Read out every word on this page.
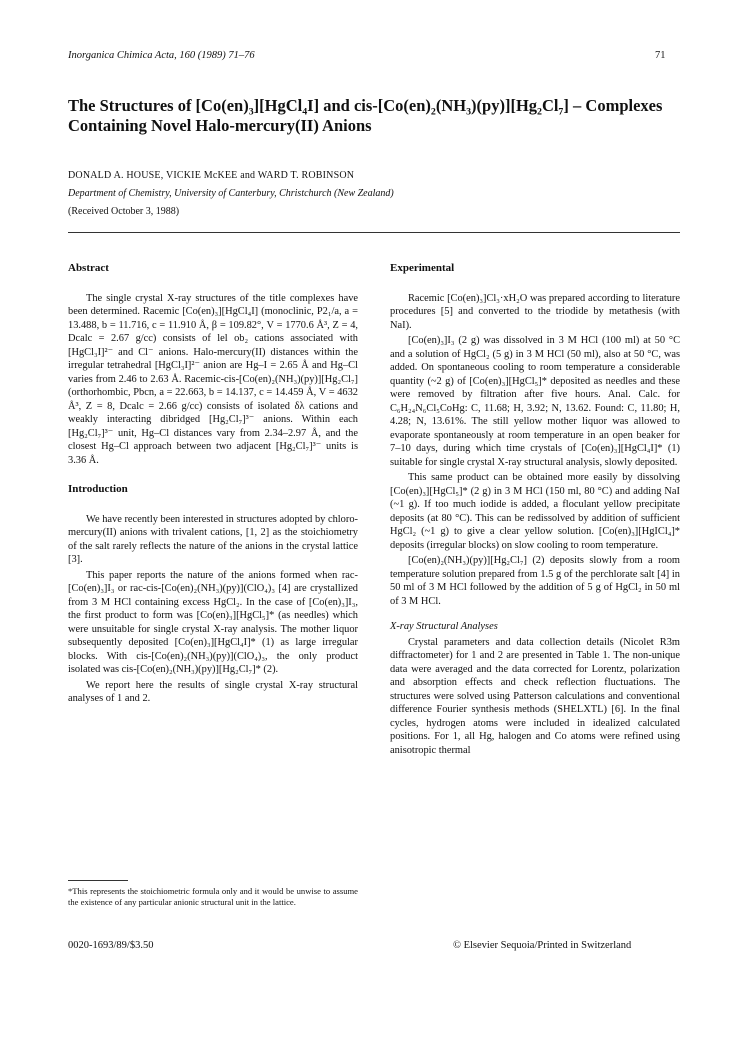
Inorganica Chimica Acta, 160 (1989) 71–76	71
The Structures of [Co(en)₃][HgCl₄I] and cis-[Co(en)₂(NH₃)(py)][Hg₂Cl₇] – Complexes Containing Novel Halo-mercury(II) Anions
DONALD A. HOUSE, VICKIE McKEE and WARD T. ROBINSON
Department of Chemistry, University of Canterbury, Christchurch (New Zealand)
(Received October 3, 1988)
Abstract

The single crystal X-ray structures of the title complexes have been determined. Racemic [Co(en)₃][HgCl₄I] (monoclinic, P2₁/a, a = 13.488, b = 11.716, c = 11.910 Å, β = 109.82°, V = 1770.6 Å³, Z = 4, Dcalc = 2.67 g/cc) consists of lel ob₂ cations associated with [HgCl₃I]²⁻ and Cl⁻ anions. Halo-mercury(II) distances within the irregular tetrahedral [HgCl₃I]²⁻ anion are Hg–I = 2.65 Å and Hg–Cl varies from 2.46 to 2.63 Å. Racemic-cis-[Co(en)₂(NH₃)(py)][Hg₂Cl₇] (orthorhombic, Pbcn, a = 22.663, b = 14.137, c = 14.459 Å, V = 4632 Å³, Z = 8, Dcalc = 2.66 g/cc) consists of isolated δλ cations and weakly interacting dibridged [Hg₂Cl₇]³⁻ anions. Within each [Hg₂Cl₇]³⁻ unit, Hg–Cl distances vary from 2.34–2.97 Å, and the closest Hg–Cl approach between two adjacent [Hg₂Cl₇]³⁻ units is 3.36 Å.

Introduction

We have recently been interested in structures adopted by chloro-mercury(II) anions with trivalent cations, [1, 2] as the stoichiometry of the salt rarely reflects the nature of the anions in the crystal lattice [3].

This paper reports the nature of the anions formed when rac-[Co(en)₃]I₃ or rac-cis-[Co(en)₂(NH₃)(py)](ClO₄)₃ [4] are crystallized from 3 M HCl containing excess HgCl₂. In the case of [Co(en)₃]I₃, the first product to form was [Co(en)₃][HgCl₅]* (as needles) which were unsuitable for single crystal X-ray analysis. The mother liquor subsequently deposited [Co(en)₃][HgCl₄I]* (1) as large irregular blocks. With cis-[Co(en)₂(NH₃)(py)](ClO₄)₃, the only product isolated was cis-[Co(en)₂(NH₃)(py)][Hg₂Cl₇]* (2).

We report here the results of single crystal X-ray structural analyses of 1 and 2.

*This represents the stoichiometric formula only and it would be unwise to assume the existence of any particular anionic structural unit in the lattice.
Experimental

Racemic [Co(en)₃]Cl₃·xH₂O was prepared according to literature procedures [5] and converted to the triodide by metathesis (with NaI).

[Co(en)₃]I₃ (2 g) was dissolved in 3 M HCl (100 ml) at 50 °C and a solution of HgCl₂ (5 g) in 3 M HCl (50 ml), also at 50 °C, was added. On spontaneous cooling to room temperature a considerable quantity (~2 g) of [Co(en)₃][HgCl₅]* deposited as needles and these were removed by filtration after five hours. Anal. Calc. for C₆H₂₄N₆Cl₅CoHg: C, 11.68; H, 3.92; N, 13.62. Found: C, 11.80; H, 4.28; N, 13.61%. The still yellow mother liquor was allowed to evaporate spontaneously at room temperature in an open beaker for 7–10 days, during which time crystals of [Co(en)₃][HgCl₄I]* (1) suitable for single crystal X-ray structural analysis, slowly deposited.

This same product can be obtained more easily by dissolving [Co(en)₃][HgCl₅]* (2 g) in 3 M HCl (150 ml, 80 °C) and adding NaI (~1 g). If too much iodide is added, a floculant yellow precipitate deposits (at 80 °C). This can be redissolved by addition of sufficient HgCl₂ (~1 g) to give a clear yellow solution. [Co(en)₃][HgICl₄]* deposits (irregular blocks) on slow cooling to room temperature.

[Co(en)₂(NH₃)(py)][Hg₂Cl₇] (2) deposits slowly from a room temperature solution prepared from 1.5 g of the perchlorate salt [4] in 50 ml of 3 M HCl followed by the addition of 5 g of HgCl₂ in 50 ml of 3 M HCl.

X-ray Structural Analyses

Crystal parameters and data collection details (Nicolet R3m diffractometer) for 1 and 2 are presented in Table 1. The non-unique data were averaged and the data corrected for Lorentz, polarization and absorption effects and check reflection fluctuations. The structures were solved using Patterson calculations and conventional difference Fourier synthesis methods (SHELXTL) [6]. In the final cycles, hydrogen atoms were included in idealized calculated positions. For 1, all Hg, halogen and Co atoms were refined using anisotropic thermal

0020-1693/89/$3.50	© Elsevier Sequoia/Printed in Switzerland
